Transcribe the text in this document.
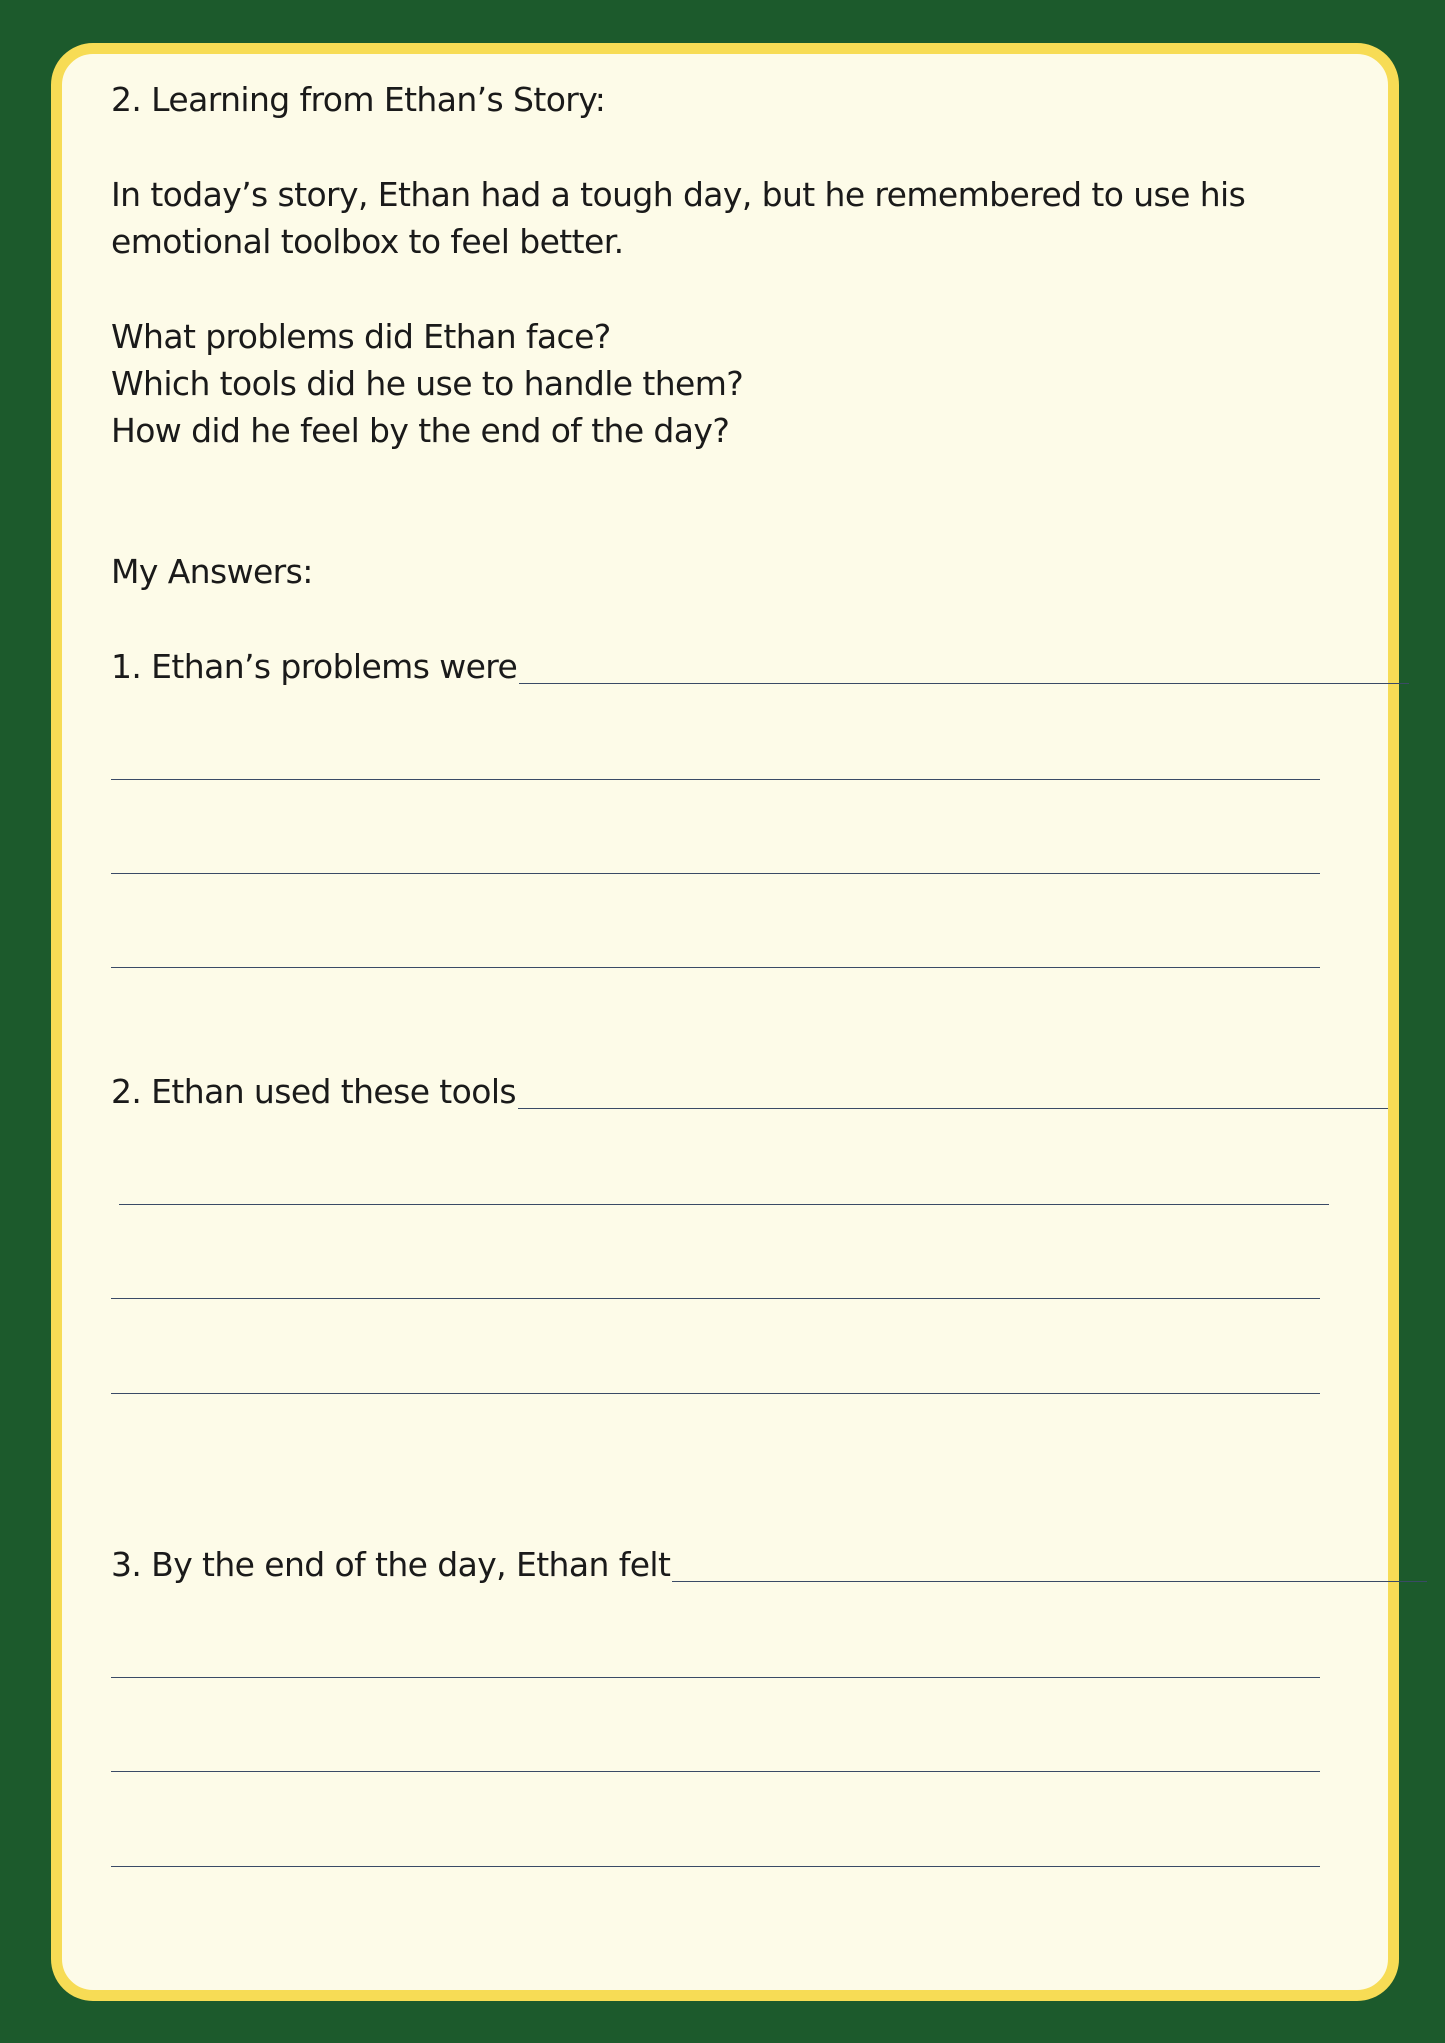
2. Learning from Ethan’s Story:

In today’s story, Ethan had a tough day, but he remembered to use his emotional toolbox to feel better.

What problems did Ethan face?

Which tools did he use to handle them?

How did he feel by the end of the day?

My Answers:
1. Ethan’s problems were
2. Ethan used these tools
3. By the end of the day, Ethan felt
